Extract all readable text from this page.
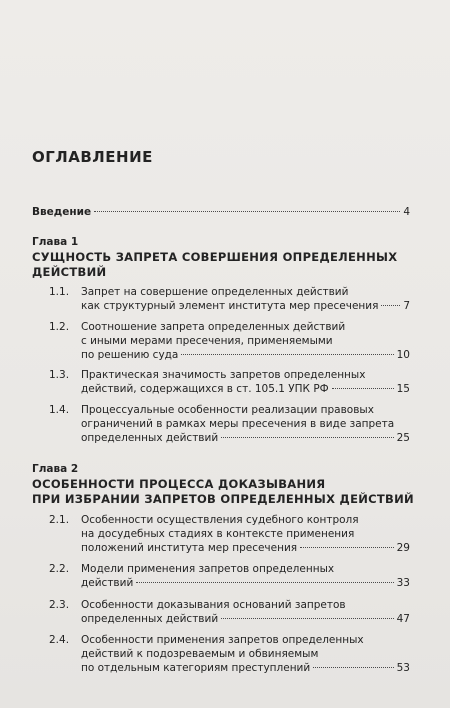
ОГЛАВЛЕНИЕ
Введение	4
Глава 1
СУЩНОСТЬ ЗАПРЕТА СОВЕРШЕНИЯ ОПРЕДЕЛЕННЫХ
ДЕЙСТВИЙ
1.1. Запрет на совершение определенных действий
как структурный элемент института мер пресечения 7
1.2. Соотношение запрета определенных действий
с иными мерами пресечения, применяемыми
по решению суда	10
1.3. Практическая значимость запретов определенных
действий, содержащихся в ст. 105.1 УПК РФ	15
1.4. Процессуальные особенности реализации правовых
ограничений в рамках меры пресечения в виде запрета
определенных действий	25
Глава 2
ОСОБЕННОСТИ ПРОЦЕССА ДОКАЗЫВАНИЯ
ПРИ ИЗБРАНИИ ЗАПРЕТОВ ОПРЕДЕЛЕННЫХ ДЕЙСТВИЙ
2.1. Особенности осуществления судебного контроля
на досудебных стадиях в контексте применения
положений института мер пресечения	29
2.2. Модели применения запретов определенных
действий	33
2.3. Особенности доказывания оснований запретов
определенных действий	47
2.4. Особенности применения запретов определенных
действий к подозреваемым и обвиняемым
по отдельным категориям преступлений	53
